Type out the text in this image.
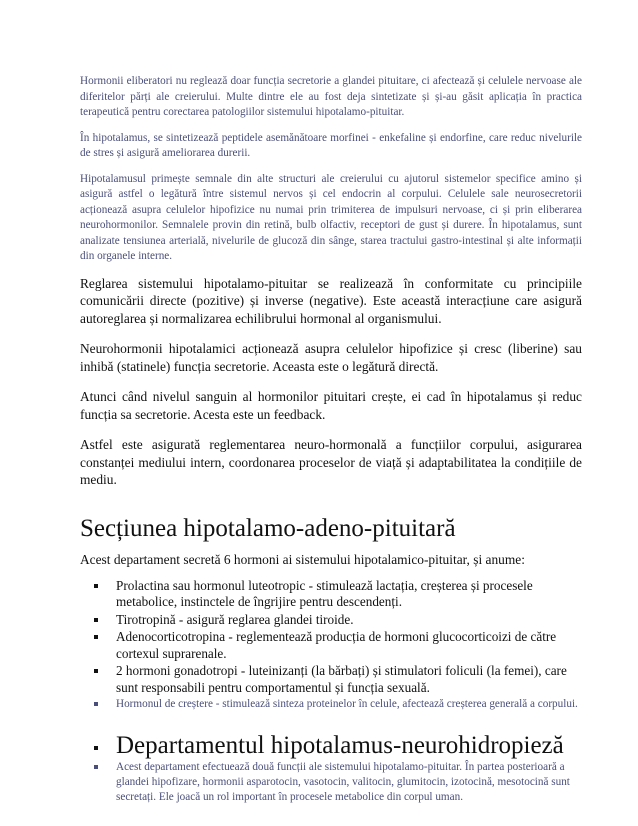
Hormonii eliberatori nu reglează doar funcția secretorie a glandei pituitare, ci afectează și celulele nervoase ale diferitelor părți ale creierului. Multe dintre ele au fost deja sintetizate și și-au găsit aplicația în practica terapeutică pentru corectarea patologiilor sistemului hipotalamo-pituitar.

În hipotalamus, se sintetizează peptidele asemănătoare morfinei - enkefaline și endorfine, care reduc nivelurile de stres și asigură ameliorarea durerii.

Hipotalamusul primește semnale din alte structuri ale creierului cu ajutorul sistemelor specifice amino și asigură astfel o legătură între sistemul nervos și cel endocrin al corpului. Celulele sale neurosecretorii acționează asupra celulelor hipofizice nu numai prin trimiterea de impulsuri nervoase, ci și prin eliberarea neurohormonilor. Semnalele provin din retină, bulb olfactiv, receptori de gust și durere. În hipotalamus, sunt analizate tensiunea arterială, nivelurile de glucoză din sânge, starea tractului gastro-intestinal și alte informații din organele interne.

Reglarea sistemului hipotalamo-pituitar se realizează în conformitate cu principiile comunicării directe (pozitive) și inverse (negative). Este această interacțiune care asigură autoreglarea și normalizarea echilibrului hormonal al organismului.

Neurohormonii hipotalamici acționează asupra celulelor hipofizice și cresc (liberine) sau inhibă (statinele) funcția secretorie. Aceasta este o legătură directă.

Atunci când nivelul sanguin al hormonilor pituitari crește, ei cad în hipotalamus și reduc funcția sa secretorie. Acesta este un feedback.

Astfel este asigurată reglementarea neuro-hormonală a funcțiilor corpului, asigurarea constanței mediului intern, coordonarea proceselor de viață și adaptabilitatea la condițiile de mediu.

Secțiunea hipotalamo-adeno-pituitară

Acest departament secretă 6 hormoni ai sistemului hipotalamico-pituitar, și anume:

Prolactina sau hormonul luteotropic - stimulează lactația, creșterea și procesele metabolice, instinctele de îngrijire pentru descendenți.
Tirotropină - asigură reglarea glandei tiroide.
Adenocorticotropina - reglementează producția de hormoni glucocorticoizi de către cortexul suprarenale.
2 hormoni gonadotropi - luteinizanți (la bărbați) și stimulatori foliculi (la femei), care sunt responsabili pentru comportamentul și funcția sexuală.
Hormonul de creștere - stimulează sinteza proteinelor în celule, afectează creșterea generală a corpului.
Departamentul hipotalamus-neurohidropieză
Acest departament efectuează două funcții ale sistemului hipotalamo-pituitar. În partea posterioară a glandei hipofizare, hormonii asparotocin, vasotocin, valitocin, glumitocin, izotocină, mesotocină sunt secretați. Ele joacă un rol important în procesele metabolice din corpul uman.
